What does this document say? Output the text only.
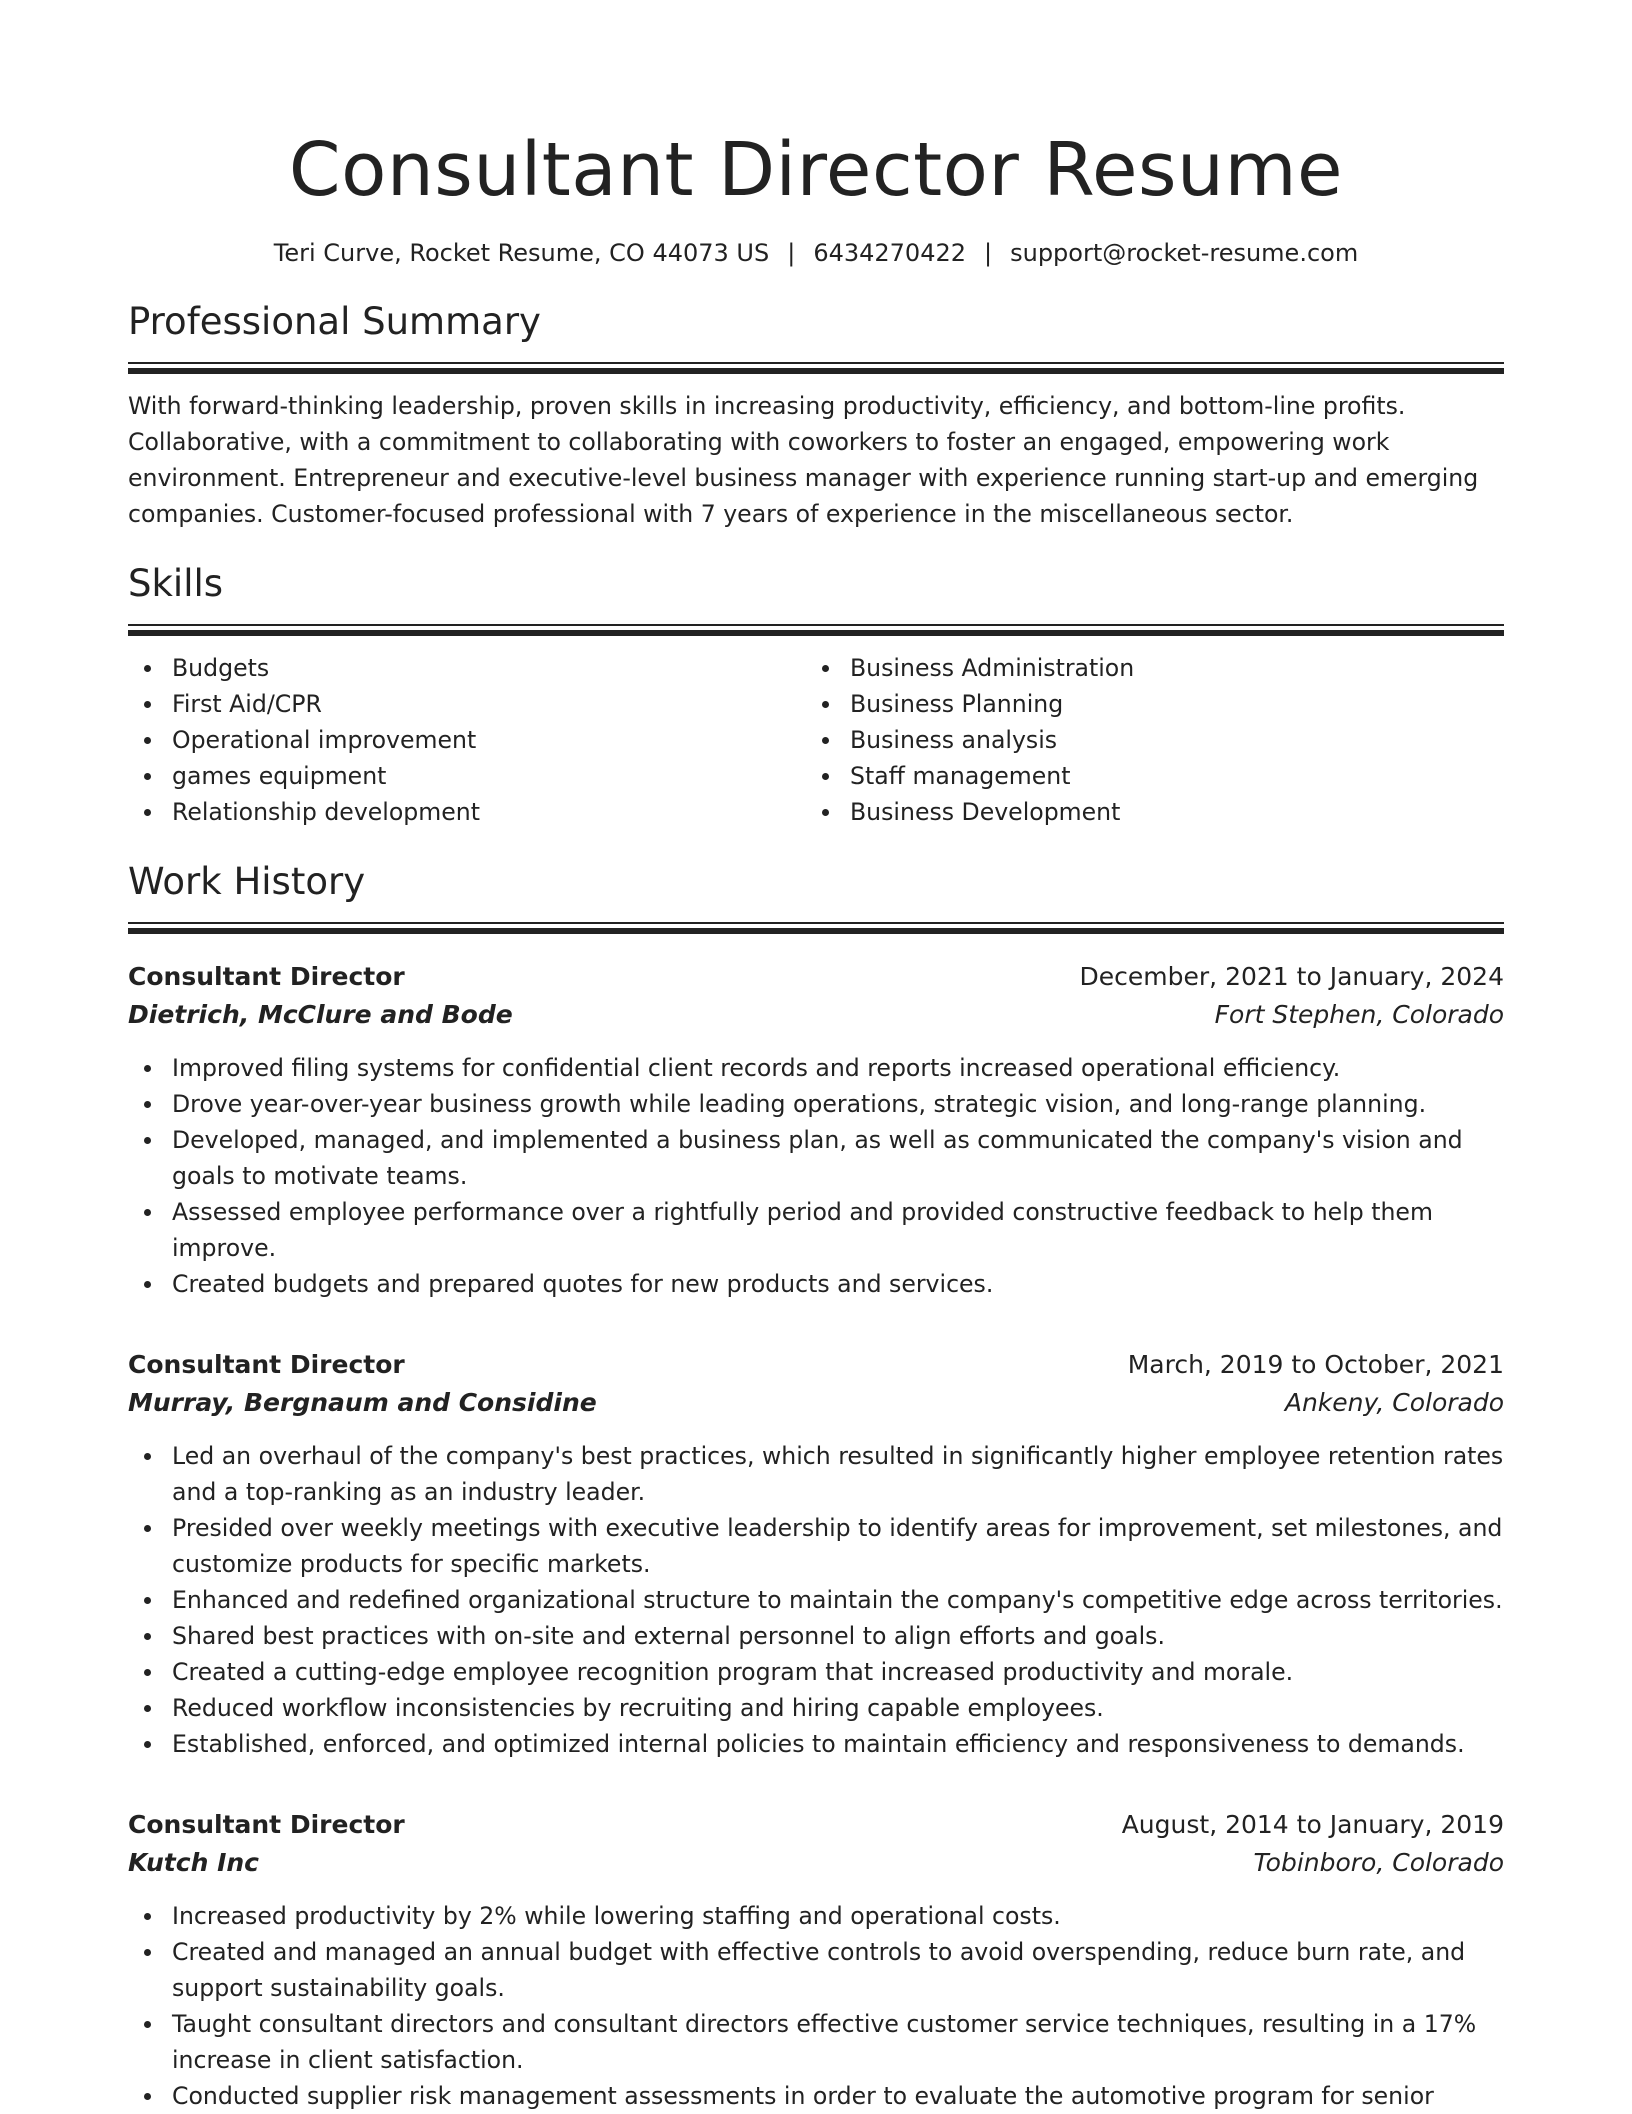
Consultant Director Resume
Teri Curve, Rocket Resume, CO 44073 US | 6434270422 | support@rocket-resume.com
Professional Summary

With forward-thinking leadership, proven skills in increasing productivity, efficiency, and bottom-line profits. Collaborative, with a commitment to collaborating with coworkers to foster an engaged, empowering work environment. Entrepreneur and executive-level business manager with experience running start-up and emerging companies. Customer-focused professional with 7 years of experience in the miscellaneous sector.

Skills
Budgets
First Aid/CPR
Operational improvement
games equipment
Relationship development
Business Administration
Business Planning
Business analysis
Staff management
Business Development
Work History
Consultant Director	December, 2021 to January, 2024
Dietrich, McClure and Bode	Fort Stephen, Colorado
Improved filing systems for confidential client records and reports increased operational efficiency.
Drove year-over-year business growth while leading operations, strategic vision, and long-range planning.
Developed, managed, and implemented a business plan, as well as communicated the company's vision and goals to motivate teams.
Assessed employee performance over a rightfully period and provided constructive feedback to help them improve.
Created budgets and prepared quotes for new products and services.
Consultant Director	March, 2019 to October, 2021
Murray, Bergnaum and Considine	Ankeny, Colorado
Led an overhaul of the company's best practices, which resulted in significantly higher employee retention rates and a top-ranking as an industry leader.
Presided over weekly meetings with executive leadership to identify areas for improvement, set milestones, and customize products for specific markets.
Enhanced and redefined organizational structure to maintain the company's competitive edge across territories.
Shared best practices with on-site and external personnel to align efforts and goals.
Created a cutting-edge employee recognition program that increased productivity and morale.
Reduced workflow inconsistencies by recruiting and hiring capable employees.
Established, enforced, and optimized internal policies to maintain efficiency and responsiveness to demands.
Consultant Director	August, 2014 to January, 2019
Kutch Inc	Tobinboro, Colorado
Increased productivity by 2% while lowering staffing and operational costs.
Created and managed an annual budget with effective controls to avoid overspending, reduce burn rate, and support sustainability goals.
Taught consultant directors and consultant directors effective customer service techniques, resulting in a 17% increase in client satisfaction.
Conducted supplier risk management assessments in order to evaluate the automotive program for senior
